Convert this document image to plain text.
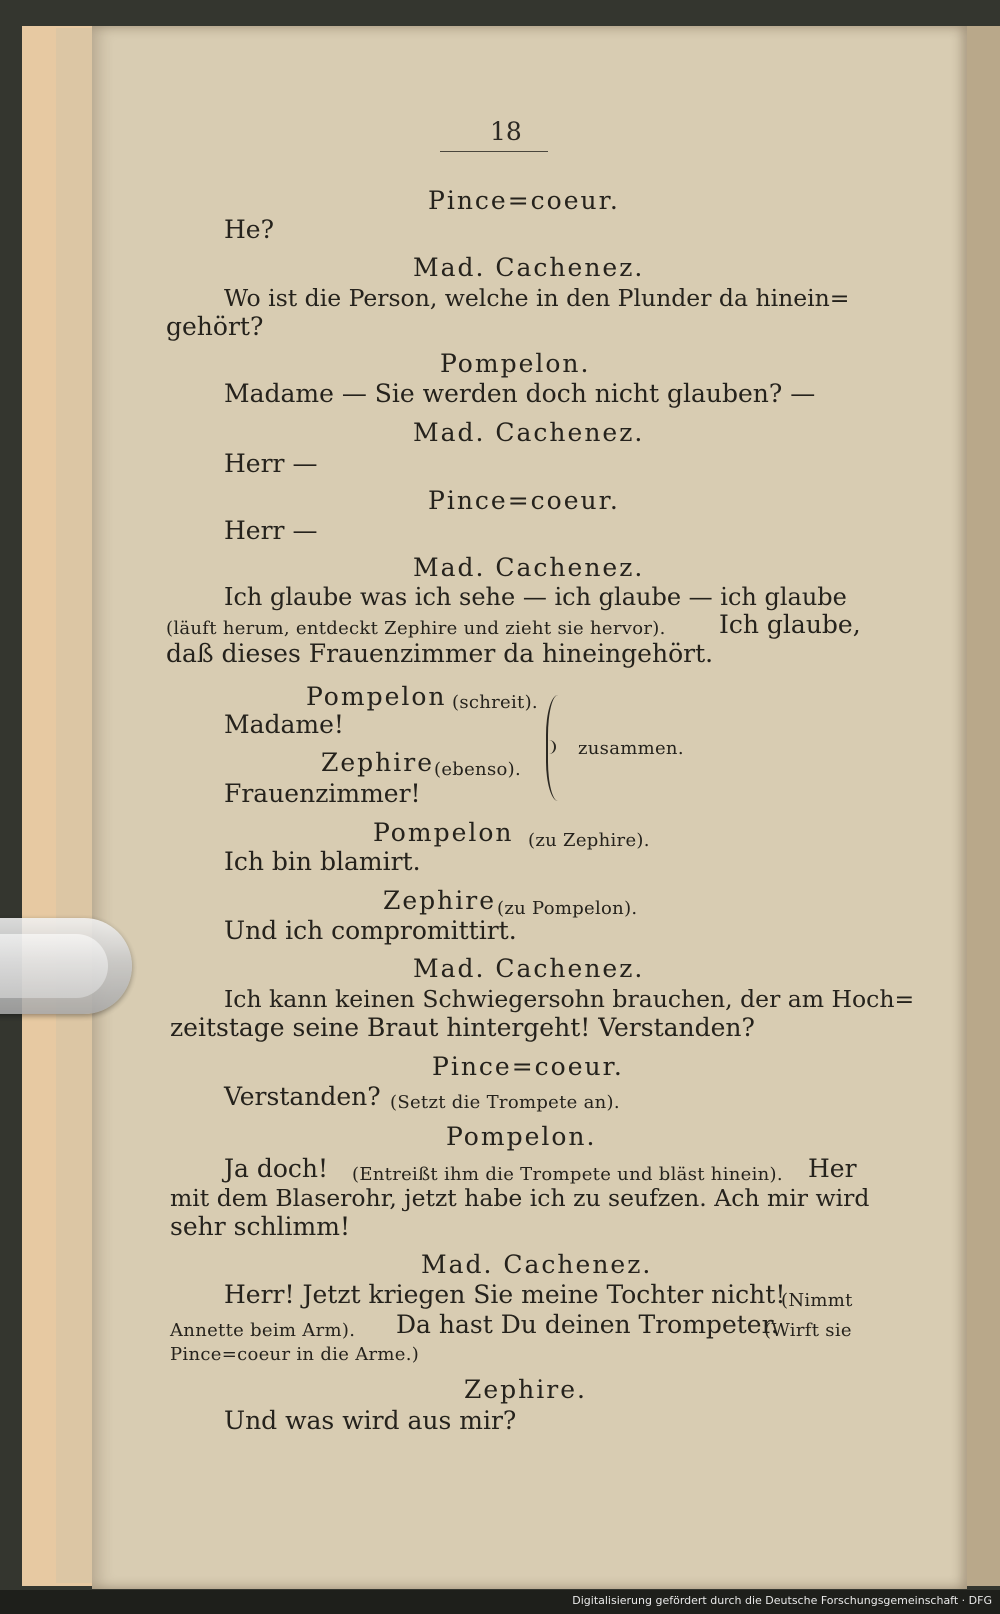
18
Pince=coeur.
He?
Mad. Cachenez.
Wo ist die Person, welche in den Plunder da hinein=
gehört?
Pompelon.
Madame — Sie werden doch nicht glauben? —
Mad. Cachenez.
Herr —
Pince=coeur.
Herr —
Mad. Cachenez.
Ich glaube was ich sehe — ich glaube — ich glaube
(läuft herum, entdeckt Zephire und zieht sie hervor). Ich glaube,
daß dieses Frauenzimmer da hineingehört.
Pompelon (schreit).
Madame!
Zephire (ebenso).
Frauenzimmer!
zusammen.
Pompelon (zu Zephire).
Ich bin blamirt.
Zephire (zu Pompelon).
Und ich compromittirt.
Mad. Cachenez.
Ich kann keinen Schwiegersohn brauchen, der am Hoch=
zeitstage seine Braut hintergeht! Verstanden?
Pince=coeur.
Verstanden? (Setzt die Trompete an).
Pompelon.
Ja doch! (Entreißt ihm die Trompete und bläst hinein). Her
mit dem Blaserohr, jetzt habe ich zu seufzen. Ach mir wird
sehr schlimm!
Mad. Cachenez.
Herr! Jetzt kriegen Sie meine Tochter nicht!
(Nimmt
Annette beim Arm). Da hast Du deinen Trompeter.
(Wirft sie
Pince=coeur in die Arme.)
Zephire.
Und was wird aus mir?
Digitalisierung gefördert durch die Deutsche Forschungsgemeinschaft · DFG
